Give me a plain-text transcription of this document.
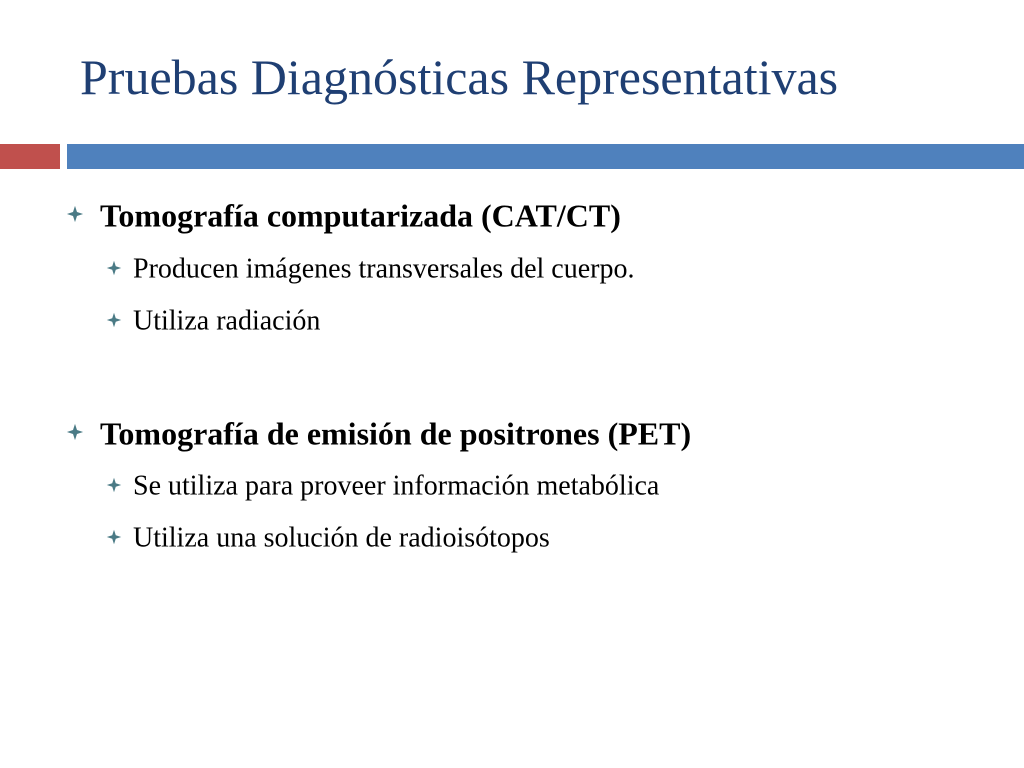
Pruebas Diagnósticas Representativas
Tomografía computarizada (CAT/CT)
Producen imágenes transversales del cuerpo.
Utiliza radiación
Tomografía de emisión de positrones (PET)
Se utiliza para proveer información metabólica
Utiliza una solución de radioisótopos
